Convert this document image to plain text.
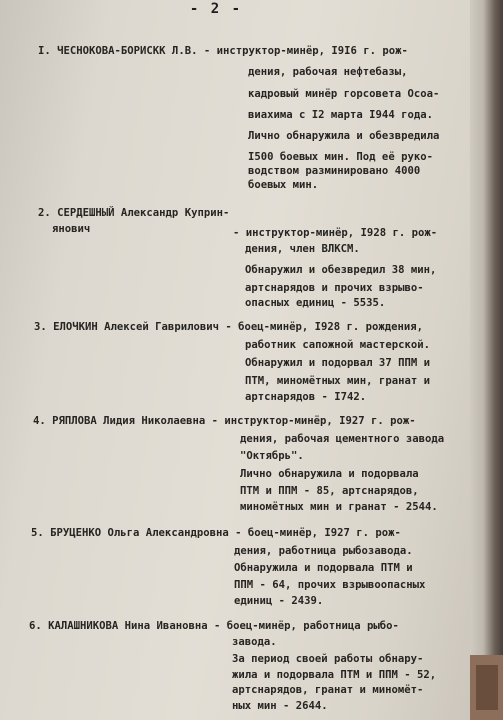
- 2 -
I. ЧЕСНОКОВА-БОРИСКК Л.В. - инструктор-минёр, I9I6 г. рож-
дения, рабочая нефтебазы,
кадровый минёр горсовета Осоа-
виахима с I2 марта I944 года.
Лично обнаружила и обезвредила
I500 боевых мин. Под её руко-
водством разминировано 4000
боевых мин.
2. СЕРДЕШНЫЙ Александр Куприн-
янович	- инструктор-минёр, I928 г. рож-
дения, член ВЛКСМ.
Обнаружил и обезвредил 38 мин,
артснарядов и прочих взрыво-
опасных единиц - 5535.
3. ЕЛОЧКИН Алексей Гаврилович - боец-минёр, I928 г. рождения,
работник сапожной мастерской.
Обнаружил и подорвал 37 ППМ и
ПТМ, миномётных мин, гранат и
артснарядов - I742.
4. РЯПЛОВА Лидия Николаевна - инструктор-минёр, I927 г. рож-
дения, рабочая цементного завода
"Октябрь".
Лично обнаружила и подорвала
ПТМ и ППМ - 85, артснарядов,
миномётных мин и гранат - 2544.
5. БРУЦЕНКО Ольга Александровна - боец-минёр, I927 г. рож-
дения, работница рыбозавода.
Обнаружила и подорвала ПТМ и
ППМ - 64, прочих взрывоопасных
единиц - 2439.
6. КАЛАШНИКОВА Нина Ивановна - боец-минёр, работница рыбо-
завода.
За период своей работы обнару-
жила и подорвала ПТМ и ППМ - 52,
артснарядов, гранат и миномёт-
ных мин - 2644.
